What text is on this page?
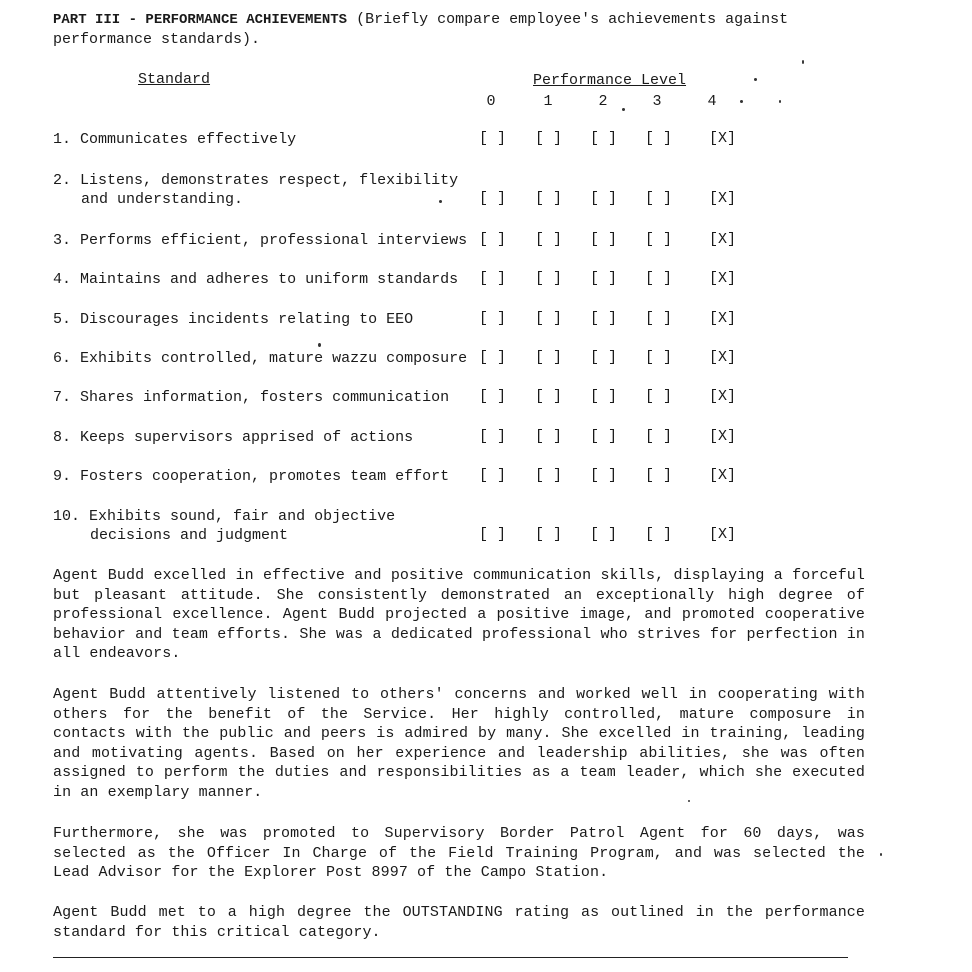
PART III - PERFORMANCE ACHIEVEMENTS (Briefly compare employee's achievements against performance standards).
Standard	Performance Level
0	1	2	3	4
1. Communicates effectively	[ ]	[ ]	[ ]	[ ]	[X]
2. Listens, demonstrates respect, flexibility
and understanding.	[ ]	[ ]	[ ]	[ ]	[X]
3. Performs efficient, professional interviews [ ]	[ ]	[ ]	[ ]	[X]
4. Maintains and adheres to uniform standards [ ]	[ ]	[ ]	[ ]	[X]
5. Discourages incidents relating to EEO	[ ]	[ ]	[ ]	[ ]	[X]
6. Exhibits controlled, mature wazzu composure [ ]	[ ]	[ ]	[ ]	[X]
7. Shares information, fosters communication [ ]	[ ]	[ ]	[ ]	[X]
8. Keeps supervisors apprised of actions	[ ]	[ ]	[ ]	[ ]	[X]
9. Fosters cooperation, promotes team effort [ ]	[ ]	[ ]	[ ]	[X]
10. Exhibits sound, fair and objective
decisions and judgment	[ ]	[ ]	[ ]	[ ]	[X]
Agent Budd excelled in effective and positive communication skills, displaying a forceful but pleasant attitude. She consistently demonstrated an exceptionally high degree of professional excellence. Agent Budd projected a positive image, and promoted cooperative behavior and team efforts. She was a dedicated professional who strives for perfection in all endeavors.
Agent Budd attentively listened to others' concerns and worked well in cooperating with others for the benefit of the Service. Her highly controlled, mature composure in contacts with the public and peers is admired by many. She excelled in training, leading and motivating agents. Based on her experience and leadership abilities, she was often assigned to perform the duties and responsibilities as a team leader, which she executed in an exemplary manner.
Furthermore, she was promoted to Supervisory Border Patrol Agent for 60 days, was selected as the Officer In Charge of the Field Training Program, and was selected the Lead Advisor for the Explorer Post 8997 of the Campo Station.
Agent Budd met to a high degree the OUTSTANDING rating as outlined in the performance standard for this critical category.
